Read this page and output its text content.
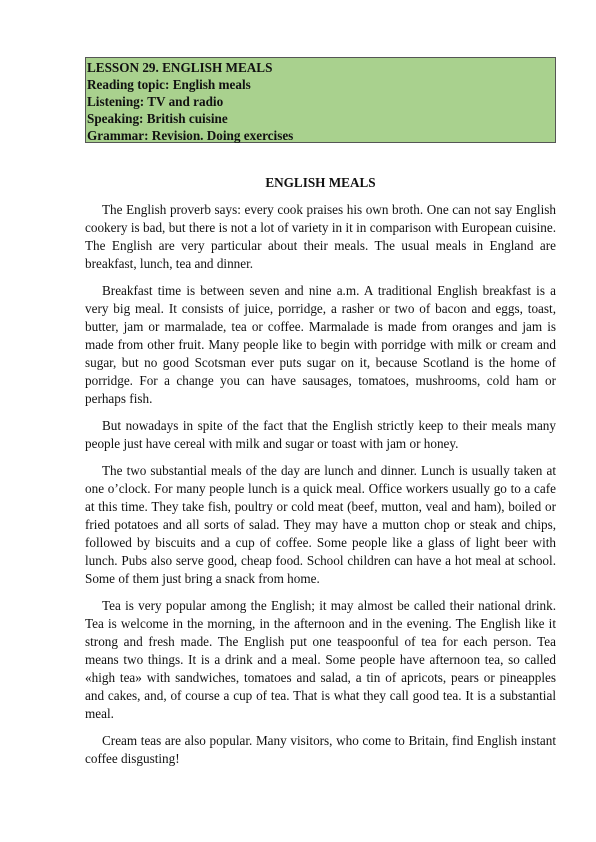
LESSON 29. ENGLISH MEALS
Reading topic: English meals
Listening: TV and radio
Speaking: British cuisine
Grammar: Revision. Doing exercises
ENGLISH MEALS

The English proverb says: every cook praises his own broth. One can not say English cookery is bad, but there is not a lot of variety in it in comparison with European cuisine. The English are very particular about their meals. The usual meals in England are breakfast, lunch, tea and dinner.

Breakfast time is between seven and nine a.m. A traditional English breakfast is a very big meal. It consists of juice, porridge, a rasher or two of bacon and eggs, toast, butter, jam or marmalade, tea or coffee. Marmalade is made from oranges and jam is made from other fruit. Many people like to begin with porridge with milk or cream and sugar, but no good Scotsman ever puts sugar on it, because Scotland is the home of porridge. For a change you can have sausages, tomatoes, mushrooms, cold ham or perhaps fish.

But nowadays in spite of the fact that the English strictly keep to their meals many people just have cereal with milk and sugar or toast with jam or honey.

The two substantial meals of the day are lunch and dinner. Lunch is usually taken at one o’clock. For many people lunch is a quick meal. Office workers usually go to a cafe at this time. They take fish, poultry or cold meat (beef, mutton, veal and ham), boiled or fried potatoes and all sorts of salad. They may have a mutton chop or steak and chips, followed by biscuits and a cup of coffee. Some people like a glass of light beer with lunch. Pubs also serve good, cheap food. School children can have a hot meal at school. Some of them just bring a snack from home.

Tea is very popular among the English; it may almost be called their national drink. Tea is welcome in the morning, in the afternoon and in the evening. The English like it strong and fresh made. The English put one teaspoonful of tea for each person. Tea means two things. It is a drink and a meal. Some people have afternoon tea, so called «high tea» with sandwiches, tomatoes and salad, a tin of apricots, pears or pineapples and cakes, and, of course a cup of tea. That is what they call good tea. It is a substantial meal.

Cream teas are also popular. Many visitors, who come to Britain, find English instant coffee disgusting!
